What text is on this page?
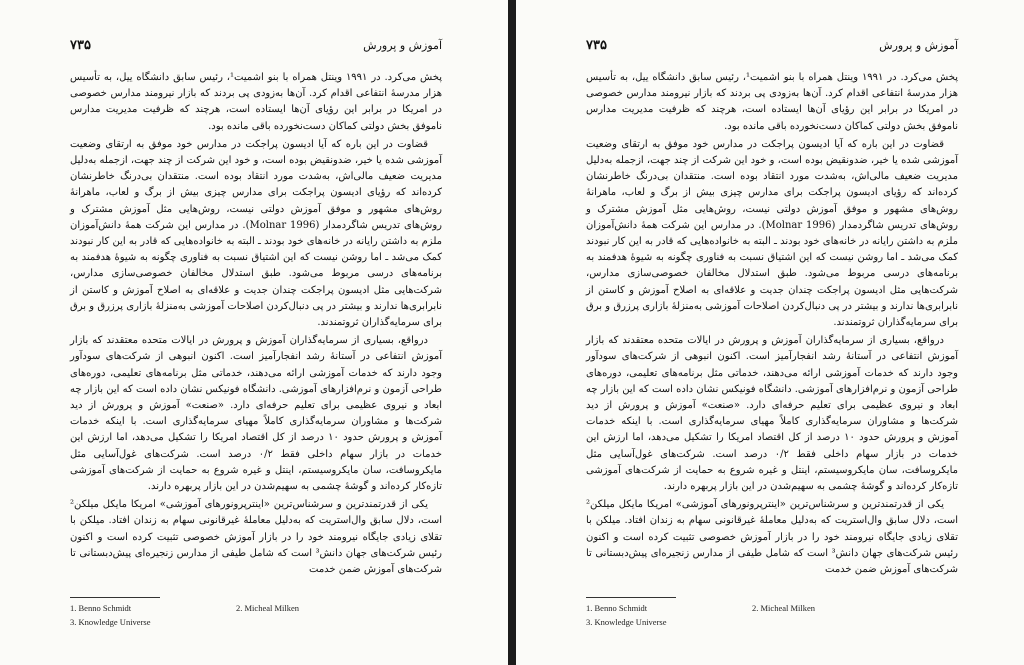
۷۳۵	آموزش و پرورش

پخش می‌کرد. در ۱۹۹۱ وینتل همراه با بنو اشمیت¹، رئیس سابق دانشگاه ییل، به تأسیس هزار مدرسهٔ انتفاعی اقدام کرد. آن‌ها به‌زودی پی بردند که بازار نیرومند مدارس خصوصی در امریکا در برابر این رؤیای آن‌ها ایستاده است، هرچند که ظرفیت مدیریت مدارس ناموفق بخش دولتی کماکان دست‌نخورده باقی مانده بود.

قضاوت در این باره که آیا ادیسون پراجکت در مدارس خود موفق به ارتقای وضعیت آموزشی شده یا خیر، ضدونقیض بوده است، و خود این شرکت از چند جهت، ازجمله به‌دلیل مدیریت ضعیف مالی‌اش، به‌شدت مورد انتقاد بوده است. منتقدان بی‌درنگ خاطرنشان کرده‌اند که رؤیای ادیسون پراجکت برای مدارس چیزی بیش از برگ و لعاب، ماهرانهٔ روش‌های مشهور و موفق آموزش دولتی نیست، روش‌هایی مثل آموزش مشترک و روش‌های تدریس شاگردمدار (Molnar 1996). در مدارس این شرکت همهٔ دانش‌آموزان ملزم به داشتن رایانه در خانه‌های خود بودند ـ البته به خانواده‌هایی که قادر به این کار نبودند کمک می‌شد ـ اما روشن نیست که این اشتیاق نسبت به فناوری چگونه به شیوهٔ هدفمند به برنامه‌های درسی مربوط می‌شود. طبق استدلال مخالفان خصوصی‌سازی مدارس، شرکت‌هایی مثل ادیسون پراجکت چندان جدیت و علاقه‌ای به اصلاح آموزش و کاستن از نابرابری‌ها ندارند و بیشتر در پی دنبال‌کردن اصلاحات آموزشی به‌منزلهٔ بازاری پرزرق و برق برای سرمایه‌گذاران ثروتمندند.

درواقع، بسیاری از سرمایه‌گذاران آموزش و پرورش در ایالات متحده معتقدند که بازار آموزش انتفاعی در آستانهٔ رشد انفجارآمیز است. اکنون انبوهی از شرکت‌های سودآور وجود دارند که خدمات آموزشی ارائه می‌دهند، خدماتی مثل برنامه‌های تعلیمی، دوره‌های طراحی آزمون و نرم‌افزارهای آموزشی. دانشگاه فونیکس نشان داده است که این بازار چه ابعاد و نیروی عظیمی برای تعلیم حرفه‌ای دارد. «صنعت» آموزش و پرورش از دید شرکت‌ها و مشاوران سرمایه‌گذاری کاملاً مهیای سرمایه‌گذاری است. با اینکه خدمات آموزش و پرورش حدود ۱۰ درصد از کل اقتصاد امریکا را تشکیل می‌دهد، اما ارزش این خدمات در بازار سهام داخلی فقط ۰/۲ درصد است. شرکت‌های غول‌آسایی مثل مایکروسافت، سان مایکروسیستم، اینتل و غیره شروع به حمایت از شرکت‌های آموزشی تازه‌کار کرده‌اند و گوشهٔ چشمی به سهیم‌شدن در این بازار پربهره دارند.

یکی از قدرتمندترین و سرشناس‌ترین «اینترپرونورهای آموزشی» امریکا مایکل میلکن² است، دلال سابق وال‌استریت که به‌دلیل معاملهٔ غیرقانونی سهام به زندان افتاد. میلکن با تقلای زیادی جایگاه نیرومند خود را در بازار آموزش خصوصی تثبیت کرده است و اکنون رئیس شرکت‌های جهان دانش³ است که شامل طیفی از مدارس زنجیره‌ای پیش‌دبستانی تا شرکت‌های آموزش ضمن خدمت

1. Benno Schmidt	2. Micheal Milken
3. Knowledge Universe
۷۳۵	آموزش و پرورش

پخش می‌کرد. در ۱۹۹۱ وینتل همراه با بنو اشمیت¹، رئیس سابق دانشگاه ییل، به تأسیس هزار مدرسهٔ انتفاعی اقدام کرد. آن‌ها به‌زودی پی بردند که بازار نیرومند مدارس خصوصی در امریکا در برابر این رؤیای آن‌ها ایستاده است، هرچند که ظرفیت مدیریت مدارس ناموفق بخش دولتی کماکان دست‌نخورده باقی مانده بود.

قضاوت در این باره که آیا ادیسون پراجکت در مدارس خود موفق به ارتقای وضعیت آموزشی شده یا خیر، ضدونقیض بوده است، و خود این شرکت از چند جهت، ازجمله به‌دلیل مدیریت ضعیف مالی‌اش، به‌شدت مورد انتقاد بوده است. منتقدان بی‌درنگ خاطرنشان کرده‌اند که رؤیای ادیسون پراجکت برای مدارس چیزی بیش از برگ و لعاب، ماهرانهٔ روش‌های مشهور و موفق آموزش دولتی نیست، روش‌هایی مثل آموزش مشترک و روش‌های تدریس شاگردمدار (Molnar 1996). در مدارس این شرکت همهٔ دانش‌آموزان ملزم به داشتن رایانه در خانه‌های خود بودند ـ البته به خانواده‌هایی که قادر به این کار نبودند کمک می‌شد ـ اما روشن نیست که این اشتیاق نسبت به فناوری چگونه به شیوهٔ هدفمند به برنامه‌های درسی مربوط می‌شود. طبق استدلال مخالفان خصوصی‌سازی مدارس، شرکت‌هایی مثل ادیسون پراجکت چندان جدیت و علاقه‌ای به اصلاح آموزش و کاستن از نابرابری‌ها ندارند و بیشتر در پی دنبال‌کردن اصلاحات آموزشی به‌منزلهٔ بازاری پرزرق و برق برای سرمایه‌گذاران ثروتمندند.

درواقع، بسیاری از سرمایه‌گذاران آموزش و پرورش در ایالات متحده معتقدند که بازار آموزش انتفاعی در آستانهٔ رشد انفجارآمیز است. اکنون انبوهی از شرکت‌های سودآور وجود دارند که خدمات آموزشی ارائه می‌دهند، خدماتی مثل برنامه‌های تعلیمی، دوره‌های طراحی آزمون و نرم‌افزارهای آموزشی. دانشگاه فونیکس نشان داده است که این بازار چه ابعاد و نیروی عظیمی برای تعلیم حرفه‌ای دارد. «صنعت» آموزش و پرورش از دید شرکت‌ها و مشاوران سرمایه‌گذاری کاملاً مهیای سرمایه‌گذاری است. با اینکه خدمات آموزش و پرورش حدود ۱۰ درصد از کل اقتصاد امریکا را تشکیل می‌دهد، اما ارزش این خدمات در بازار سهام داخلی فقط ۰/۲ درصد است. شرکت‌های غول‌آسایی مثل مایکروسافت، سان مایکروسیستم، اینتل و غیره شروع به حمایت از شرکت‌های آموزشی تازه‌کار کرده‌اند و گوشهٔ چشمی به سهیم‌شدن در این بازار پربهره دارند.

یکی از قدرتمندترین و سرشناس‌ترین «اینترپرونورهای آموزشی» امریکا مایکل میلکن² است، دلال سابق وال‌استریت که به‌دلیل معاملهٔ غیرقانونی سهام به زندان افتاد. میلکن با تقلای زیادی جایگاه نیرومند خود را در بازار آموزش خصوصی تثبیت کرده است و اکنون رئیس شرکت‌های جهان دانش³ است که شامل طیفی از مدارس زنجیره‌ای پیش‌دبستانی تا شرکت‌های آموزش ضمن خدمت

1. Benno Schmidt	2. Micheal Milken
3. Knowledge Universe
